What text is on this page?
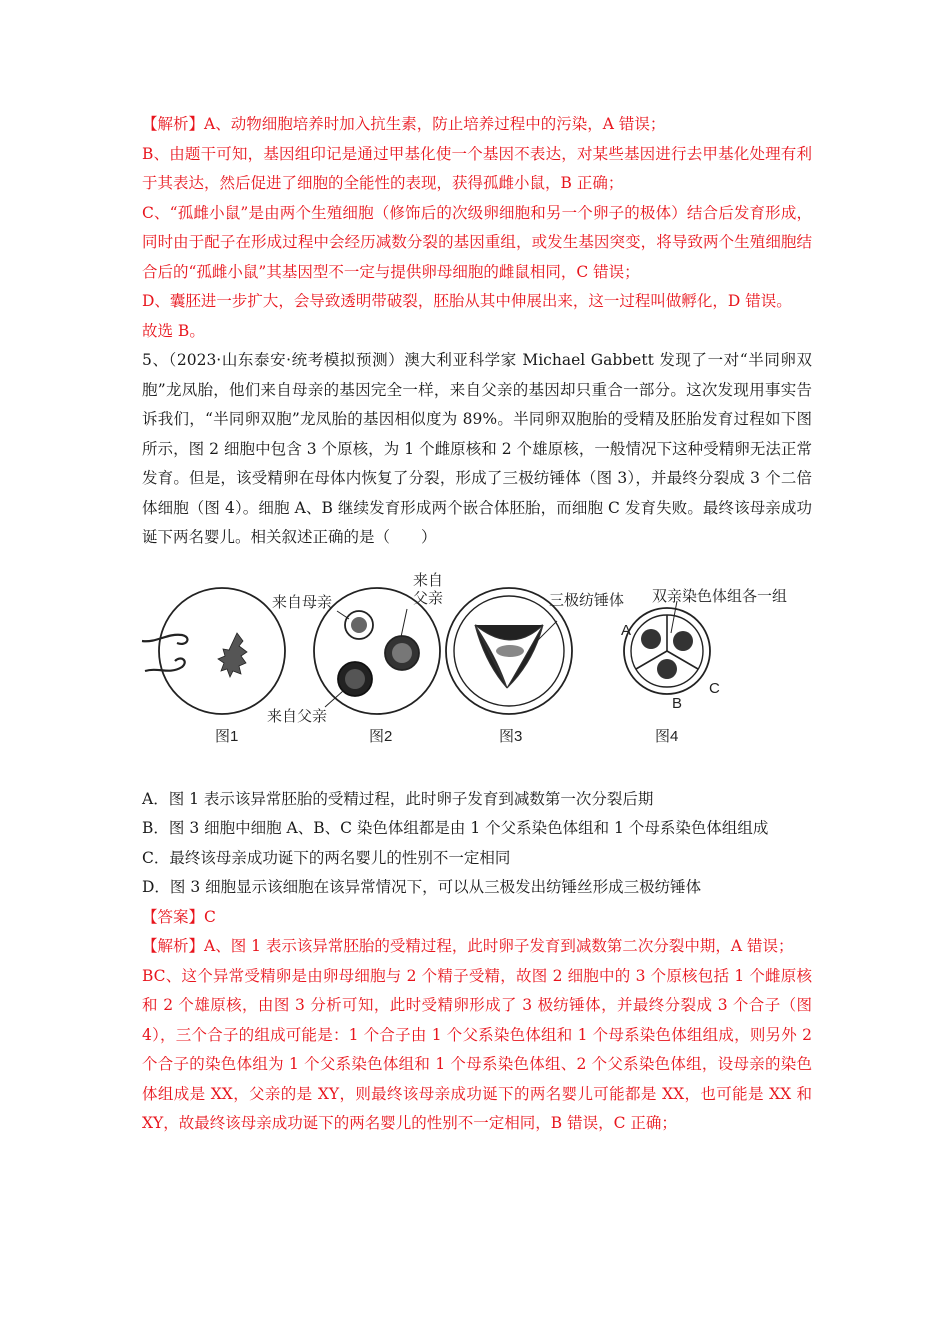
【解析】A、动物细胞培养时加入抗生素，防止培养过程中的污染，A 错误；

B、由题干可知，基因组印记是通过甲基化使一个基因不表达，对某些基因进行去甲基化处理有利于其表达，然后促进了细胞的全能性的表现，获得孤雌小鼠，B 正确；

C、“孤雌小鼠”是由两个生殖细胞（修饰后的次级卵细胞和另一个卵子的极体）结合后发育形成，同时由于配子在形成过程中会经历减数分裂的基因重组，或发生基因突变，将导致两个生殖细胞结合后的“孤雌小鼠”其基因型不一定与提供卵母细胞的雌鼠相同，C 错误；

D、囊胚进一步扩大，会导致透明带破裂，胚胎从其中伸展出来，这一过程叫做孵化，D 错误。

故选 B。

5、（2023·山东泰安·统考模拟预测）澳大利亚科学家 Michael Gabbett 发现了一对“半同卵双胞”龙凤胎，他们来自母亲的基因完全一样，来自父亲的基因却只重合一部分。这次发现用事实告诉我们，“半同卵双胞”龙凤胎的基因相似度为 89%。半同卵双胞胎的受精及胚胎发育过程如下图所示，图 2 细胞中包含 3 个原核，为 1 个雌原核和 2 个雄原核，一般情况下这种受精卵无法正常发育。但是，该受精卵在母体内恢复了分裂，形成了三极纺锤体（图 3），并最终分裂成 3 个二倍体细胞（图 4）。细胞 A、B 继续发育形成两个嵌合体胚胎，而细胞 C 发育失败。最终该母亲成功诞下两名婴儿。相关叙述正确的是（　　）

图1
来自母亲
来自
父亲
来自父亲
图2
三极纺锤体
图3
双亲染色体组各一组
A
B
C
图4

A．图 1 表示该异常胚胎的受精过程，此时卵子发育到减数第一次分裂后期

B．图 3 细胞中细胞 A、B、C 染色体组都是由 1 个父系染色体组和 1 个母系染色体组组成

C．最终该母亲成功诞下的两名婴儿的性别不一定相同

D．图 3 细胞显示该细胞在该异常情况下，可以从三极发出纺锤丝形成三极纺锤体

【答案】C

【解析】A、图 1 表示该异常胚胎的受精过程，此时卵子发育到减数第二次分裂中期，A 错误；

BC、这个异常受精卵是由卵母细胞与 2 个精子受精，故图 2 细胞中的 3 个原核包括 1 个雌原核和 2 个雄原核，由图 3 分析可知，此时受精卵形成了 3 极纺锤体，并最终分裂成 3 个合子（图 4），三个合子的组成可能是：1 个合子由 1 个父系染色体组和 1 个母系染色体组组成，则另外 2 个合子的染色体组为 1 个父系染色体组和 1 个母系染色体组、2 个父系染色体组，设母亲的染色体组成是 XX，父亲的是 XY，则最终该母亲成功诞下的两名婴儿可能都是 XX，也可能是 XX 和 XY，故最终该母亲成功诞下的两名婴儿的性别不一定相同，B 错误，C 正确；
